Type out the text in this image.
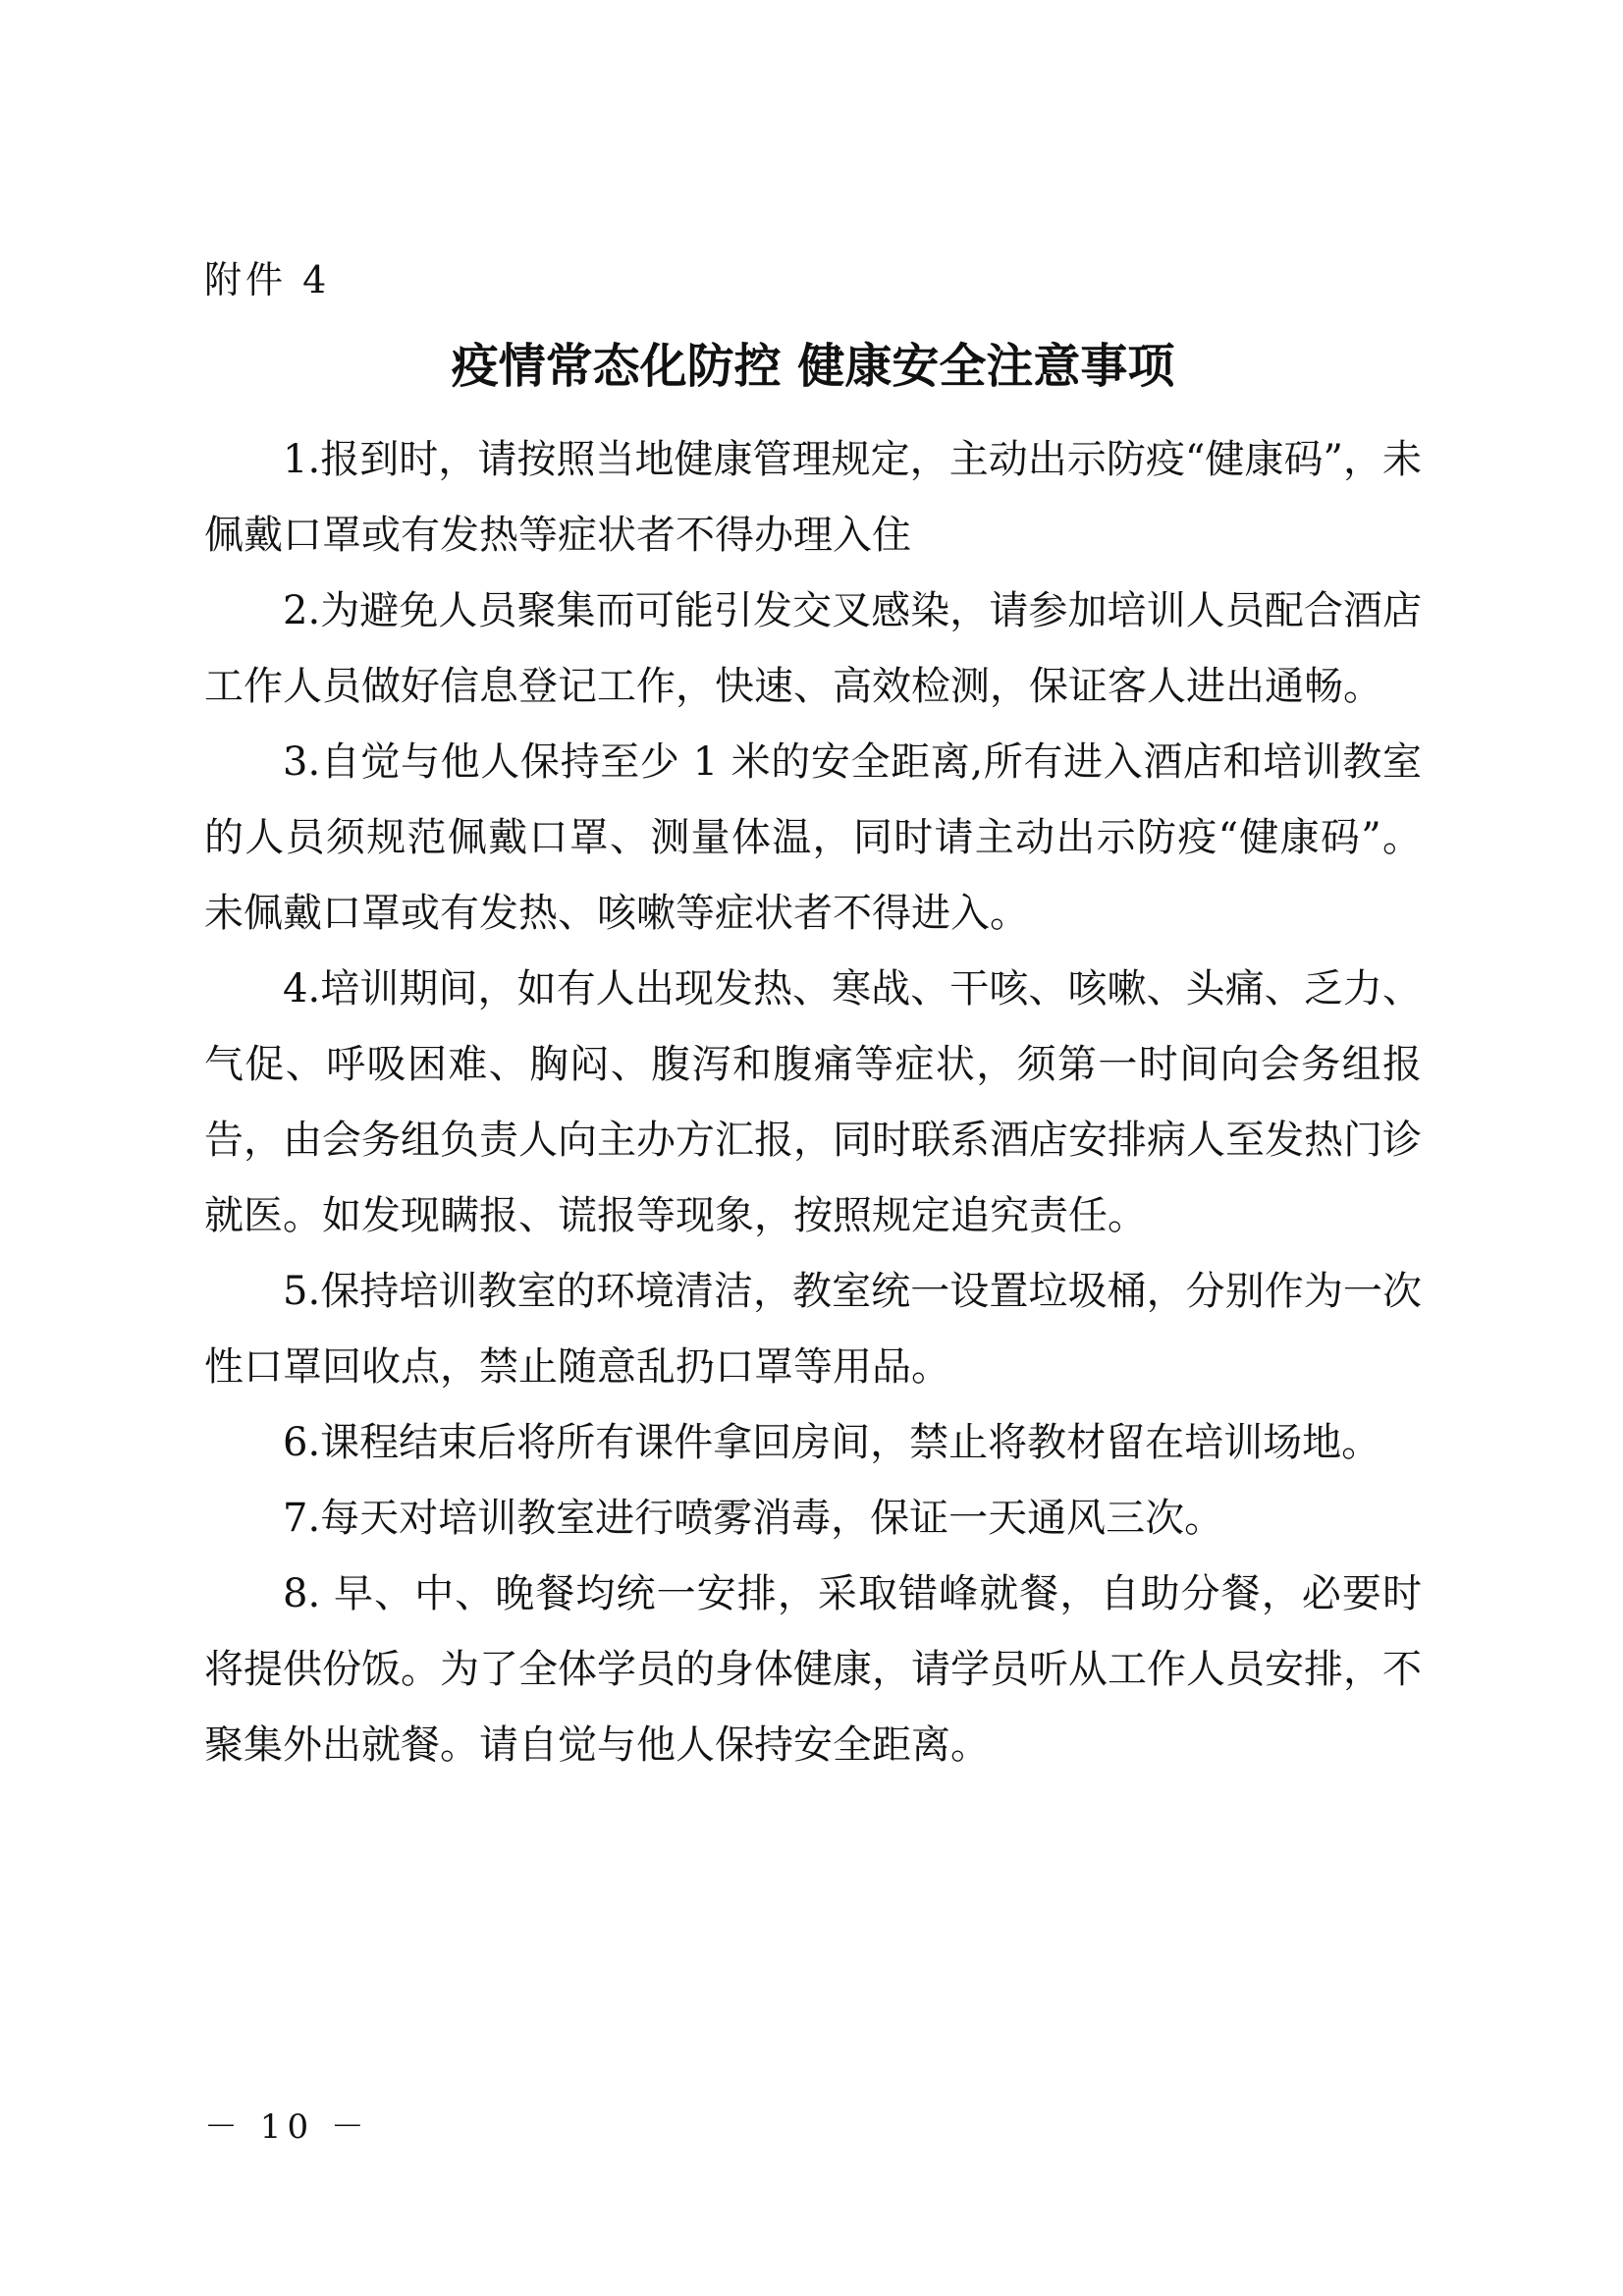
附件 4
疫情常态化防控 健康安全注意事项

1.报到时，请按照当地健康管理规定，主动出示防疫“健康码”，未佩戴口罩或有发热等症状者不得办理入住

2.为避免人员聚集而可能引发交叉感染，请参加培训人员配合酒店工作人员做好信息登记工作，快速、高效检测，保证客人进出通畅。

3.自觉与他人保持至少 1 米的安全距离,所有进入酒店和培训教室的人员须规范佩戴口罩、测量体温，同时请主动出示防疫“健康码”。未佩戴口罩或有发热、咳嗽等症状者不得进入。

4.培训期间，如有人出现发热、寒战、干咳、咳嗽、头痛、乏力、气促、呼吸困难、胸闷、腹泻和腹痛等症状，须第一时间向会务组报告，由会务组负责人向主办方汇报，同时联系酒店安排病人至发热门诊就医。如发现瞒报、谎报等现象，按照规定追究责任。

5.保持培训教室的环境清洁，教室统一设置垃圾桶，分别作为一次性口罩回收点，禁止随意乱扔口罩等用品。

6.课程结束后将所有课件拿回房间，禁止将教材留在培训场地。

7.每天对培训教室进行喷雾消毒，保证一天通风三次。

8. 早、中、晚餐均统一安排，采取错峰就餐，自助分餐，必要时将提供份饭。为了全体学员的身体健康，请学员听从工作人员安排，不聚集外出就餐。请自觉与他人保持安全距离。

－ 10 －
